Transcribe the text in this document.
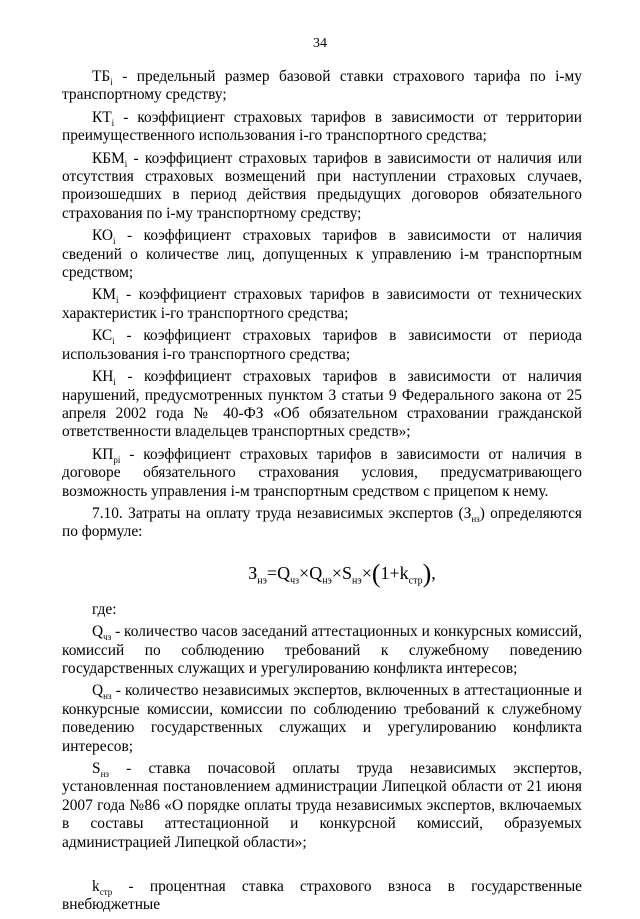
34

$ТБ_i$ - предельный размер базовой ставки страхового тарифа по i-му транспортному средству;

$КТ_i$ - коэффициент страховых тарифов в зависимости от территории преимущественного использования i-го транспортного средства;

$КБМ_i$ - коэффициент страховых тарифов в зависимости от наличия или отсутствия страховых возмещений при наступлении страховых случаев, произошедших в период действия предыдущих договоров обязательного страхования по i-му транспортному средству;

$КО_i$ - коэффициент страховых тарифов в зависимости от наличия сведений о количестве лиц, допущенных к управлению i-м транспортным средством;

$КМ_i$ - коэффициент страховых тарифов в зависимости от технических характеристик i-го транспортного средства;

$КС_i$ - коэффициент страховых тарифов в зависимости от периода использования i-го транспортного средства;

$КН_i$ - коэффициент страховых тарифов в зависимости от наличия нарушений, предусмотренных пунктом 3 статьи 9 Федерального закона от 25 апреля 2002 года № 40-ФЗ «Об обязательном страховании гражданской ответственности владельцев транспортных средств»;

$КП_{pi}$ - коэффициент страховых тарифов в зависимости от наличия в договоре обязательного страхования условия, предусматривающего возможность управления i-м транспортным средством с прицепом к нему.

7.10. Затраты на оплату труда независимых экспертов $(З_{нз})$ определяются по формуле:

$З_{нэ}=Q_{чз}\times Q_{нэ}\times S_{нэ}\times(1+k_{стр})$,

где:

$Q_{чз}$ - количество часов заседаний аттестационных и конкурсных комиссий, комиссий по соблюдению требований к служебному поведению государственных служащих и урегулированию конфликта интересов;

$Q_{нз}$ - количество независимых экспертов, включенных в аттестационные и конкурсные комиссии, комиссии по соблюдению требований к служебному поведению государственных служащих и урегулированию конфликта интересов;

$S_{нз}$ - ставка почасовой оплаты труда независимых экспертов, установленная постановлением администрации Липецкой области от 21 июня 2007 года №86 «О порядке оплаты труда независимых экспертов, включаемых в составы аттестационной и конкурсной комиссий, образуемых администрацией Липецкой области»;

$k_{стр}$ - процентная ставка страхового взноса в государственные внебюджетные
